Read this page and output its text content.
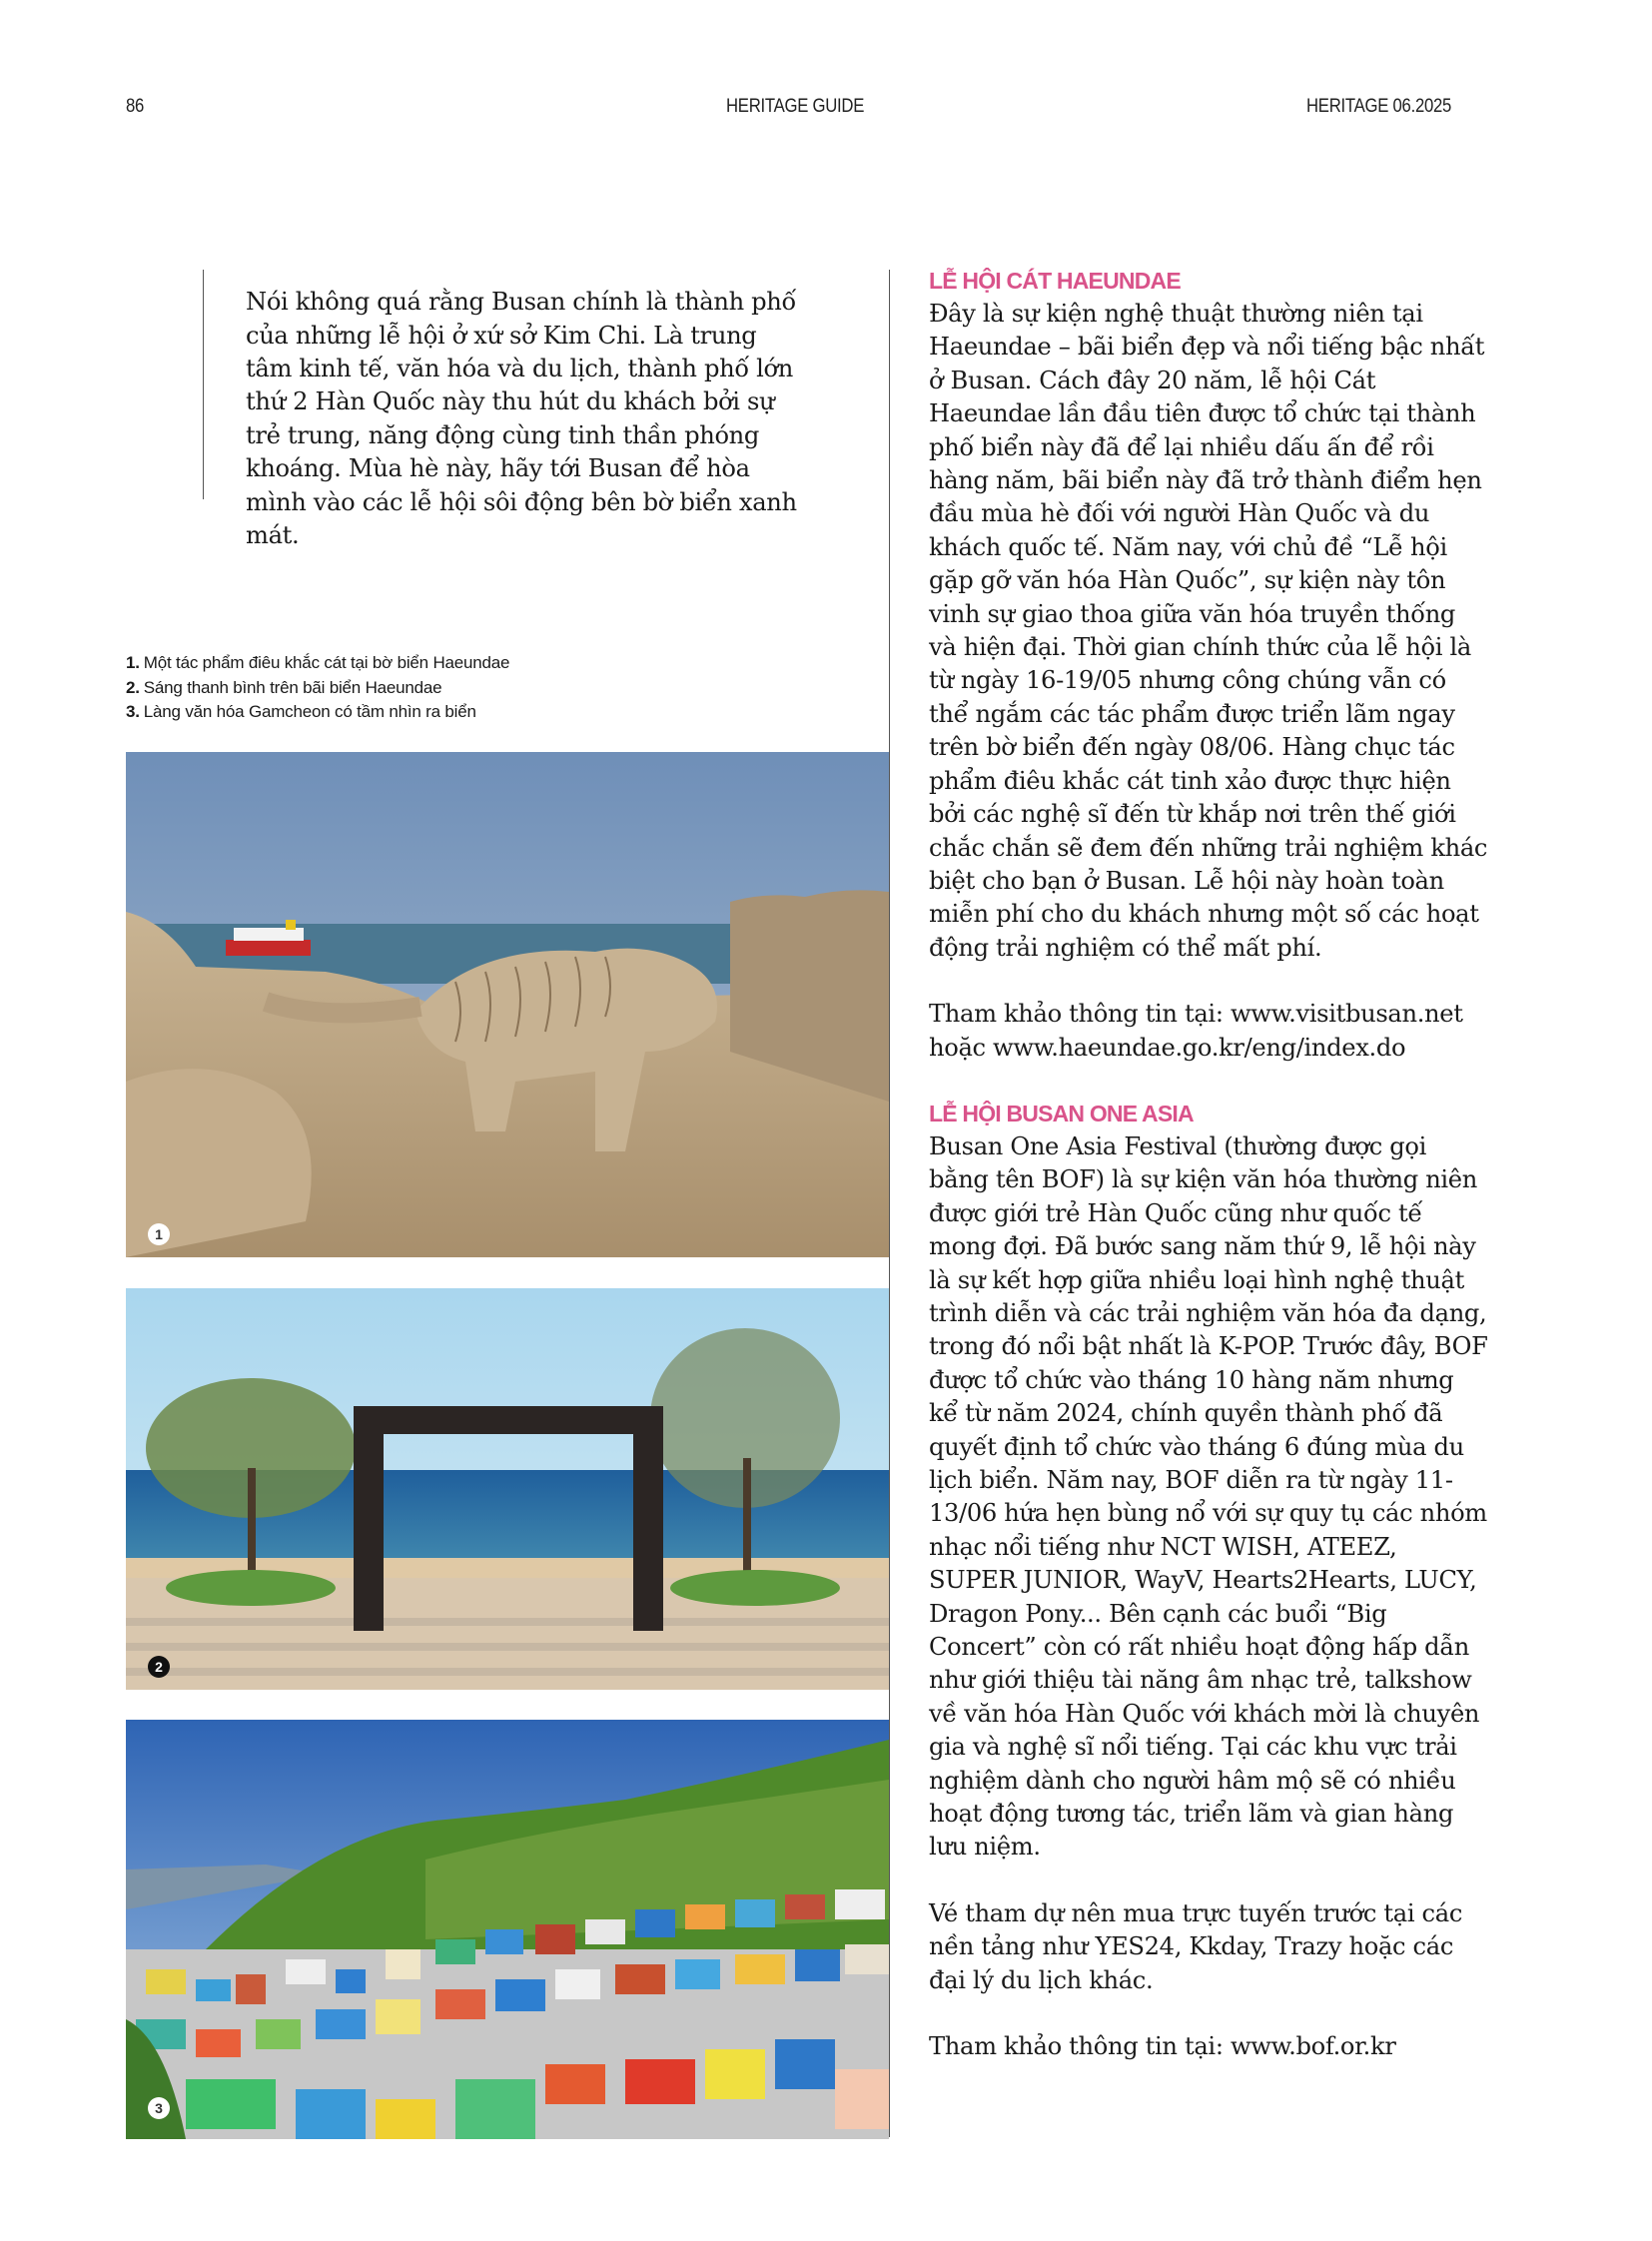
86	HERITAGE GUIDE	HERITAGE 06.2025

Nói không quá rằng Busan chính là thành phố của những lễ hội ở xứ sở Kim Chi. Là trung tâm kinh tế, văn hóa và du lịch, thành phố lớn thứ 2 Hàn Quốc này thu hút du khách bởi sự trẻ trung, năng động cùng tinh thần phóng khoáng. Mùa hè này, hãy tới Busan để hòa mình vào các lễ hội sôi động bên bờ biển xanh mát.

1. Một tác phẩm điêu khắc cát tại bờ biển Haeundae
2. Sáng thanh bình trên bãi biển Haeundae
3. Làng văn hóa Gamcheon có tầm nhìn ra biển
1
2
3
LỄ HỘI CÁT HAEUNDAE

Đây là sự kiện nghệ thuật thường niên tại Haeundae – bãi biển đẹp và nổi tiếng bậc nhất ở Busan. Cách đây 20 năm, lễ hội Cát Haeundae lần đầu tiên được tổ chức tại thành phố biển này đã để lại nhiều dấu ấn để rồi hàng năm, bãi biển này đã trở thành điểm hẹn đầu mùa hè đối với người Hàn Quốc và du khách quốc tế. Năm nay, với chủ đề “Lễ hội gặp gỡ văn hóa Hàn Quốc”, sự kiện này tôn vinh sự giao thoa giữa văn hóa truyền thống và hiện đại. Thời gian chính thức của lễ hội là từ ngày 16-19/05 nhưng công chúng vẫn có thể ngắm các tác phẩm được triển lãm ngay trên bờ biển đến ngày 08/06. Hàng chục tác phẩm điêu khắc cát tinh xảo được thực hiện bởi các nghệ sĩ đến từ khắp nơi trên thế giới chắc chắn sẽ đem đến những trải nghiệm khác biệt cho bạn ở Busan. Lễ hội này hoàn toàn miễn phí cho du khách nhưng một số các hoạt động trải nghiệm có thể mất phí.

Tham khảo thông tin tại: www.visitbusan.net hoặc www.haeundae.go.kr/eng/index.do

LỄ HỘI BUSAN ONE ASIA

Busan One Asia Festival (thường được gọi bằng tên BOF) là sự kiện văn hóa thường niên được giới trẻ Hàn Quốc cũng như quốc tế mong đợi. Đã bước sang năm thứ 9, lễ hội này là sự kết hợp giữa nhiều loại hình nghệ thuật trình diễn và các trải nghiệm văn hóa đa dạng, trong đó nổi bật nhất là K-POP. Trước đây, BOF được tổ chức vào tháng 10 hàng năm nhưng kể từ năm 2024, chính quyền thành phố đã quyết định tổ chức vào tháng 6 đúng mùa du lịch biển. Năm nay, BOF diễn ra từ ngày 11-13/06 hứa hẹn bùng nổ với sự quy tụ các nhóm nhạc nổi tiếng như NCT WISH, ATEEZ, SUPER JUNIOR, WayV, Hearts2Hearts, LUCY, Dragon Pony... Bên cạnh các buổi “Big Concert” còn có rất nhiều hoạt động hấp dẫn như giới thiệu tài năng âm nhạc trẻ, talkshow về văn hóa Hàn Quốc với khách mời là chuyên gia và nghệ sĩ nổi tiếng. Tại các khu vực trải nghiệm dành cho người hâm mộ sẽ có nhiều hoạt động tương tác, triển lãm và gian hàng lưu niệm.

Vé tham dự nên mua trực tuyến trước tại các nền tảng như YES24, Kkday, Trazy hoặc các đại lý du lịch khác.

Tham khảo thông tin tại: www.bof.or.kr
